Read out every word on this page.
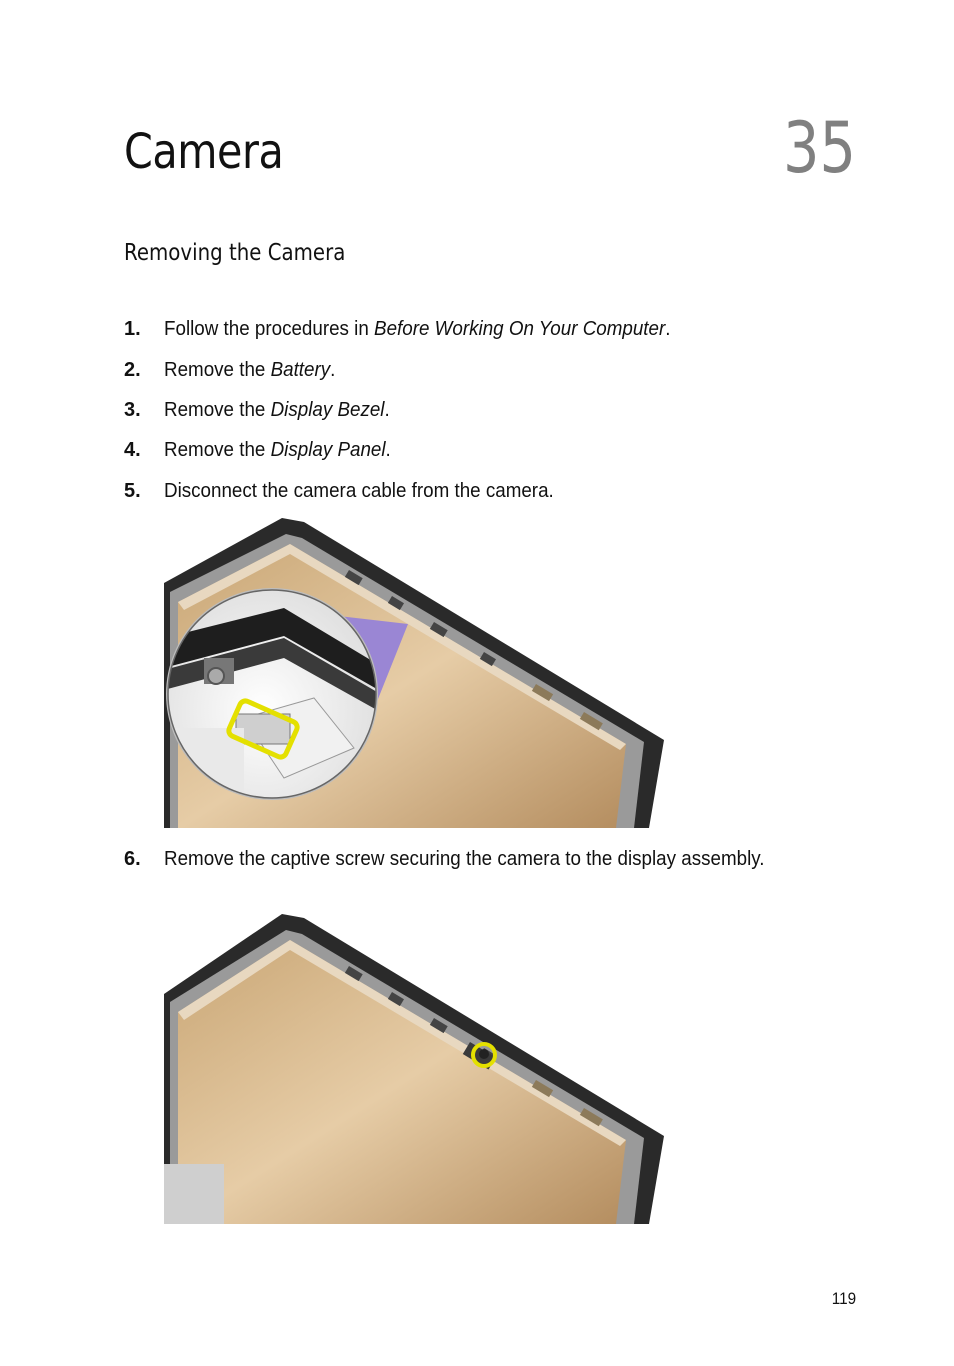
Camera	35
Removing the Camera
1. Follow the procedures in Before Working On Your Computer.
2. Remove the Battery.
3. Remove the Display Bezel.
4. Remove the Display Panel.
5. Disconnect the camera cable from the camera.
6. Remove the captive screw securing the camera to the display assembly.
119
